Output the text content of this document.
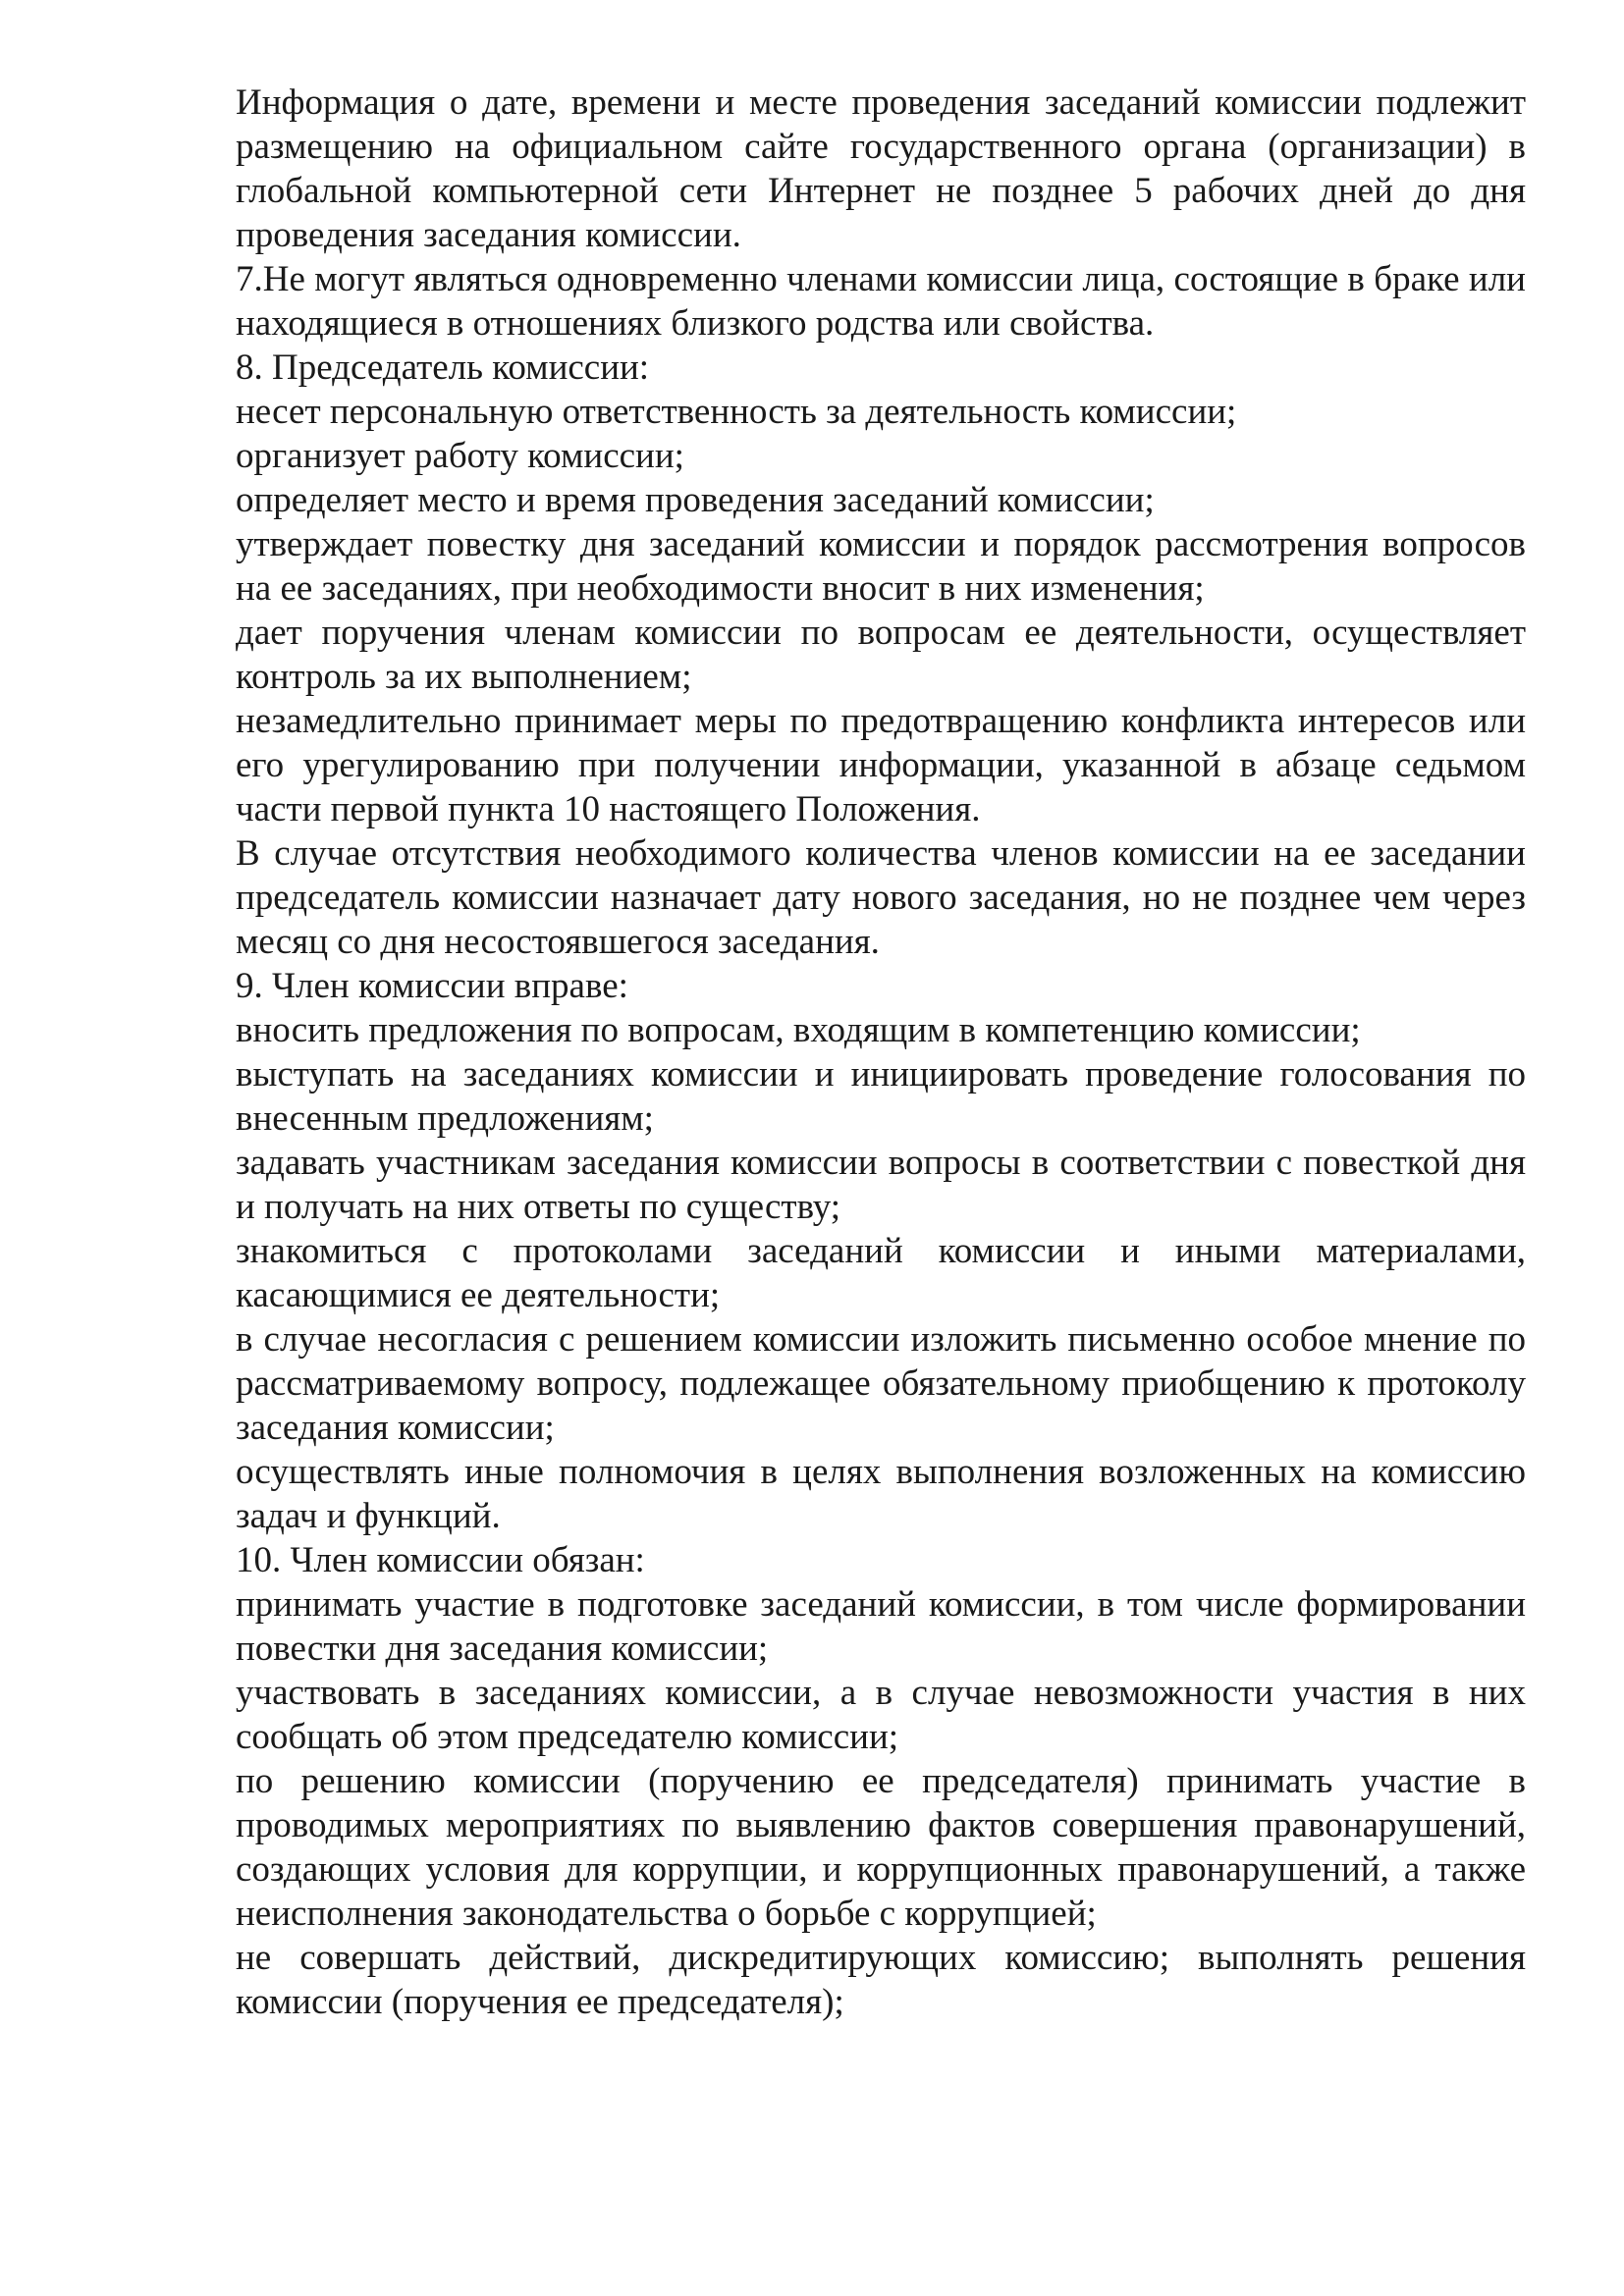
Информация о дате, времени и месте проведения заседаний комиссии подлежит размещению на официальном сайте государственного органа (организации) в глобальной компьютерной сети Интернет не позднее 5 рабочих дней до дня проведения заседания комиссии.

7.Не могут являться одновременно членами комиссии лица, состоящие в браке или находящиеся в отношениях близкого родства или свойства.

8. Председатель комиссии:

несет персональную ответственность за деятельность комиссии;

организует работу комиссии;

определяет место и время проведения заседаний комиссии;

утверждает повестку дня заседаний комиссии и порядок рассмотрения вопросов на ее заседаниях, при необходимости вносит в них изменения;

дает поручения членам комиссии по вопросам ее деятельности, осуществляет контроль за их выполнением;

незамедлительно принимает меры по предотвращению конфликта интересов или его урегулированию при получении информации, указанной в абзаце седьмом части первой пункта 10 настоящего Положения.

В случае отсутствия необходимого количества членов комиссии на ее заседании председатель комиссии назначает дату нового заседания, но не позднее чем через месяц со дня несостоявшегося заседания.

9. Член комиссии вправе:

вносить предложения по вопросам, входящим в компетенцию комиссии;

выступать на заседаниях комиссии и инициировать проведение голосования по внесенным предложениям;

задавать участникам заседания комиссии вопросы в соответствии с повесткой дня и получать на них ответы по существу;

знакомиться с протоколами заседаний комиссии и иными материалами, касающимися ее деятельности;

в случае несогласия с решением комиссии изложить письменно особое мнение по рассматриваемому вопросу, подлежащее обязательному приобщению к протоколу заседания комиссии;

осуществлять иные полномочия в целях выполнения возложенных на комиссию задач и функций.

10. Член комиссии обязан:

принимать участие в подготовке заседаний комиссии, в том числе формировании повестки дня заседания комиссии;

участвовать в заседаниях комиссии, а в случае невозможности участия в них сообщать об этом председателю комиссии;

по решению комиссии (поручению ее председателя) принимать участие в проводимых мероприятиях по выявлению фактов совершения правонарушений, создающих условия для коррупции, и коррупционных правонарушений, а также неисполнения законодательства о борьбе с коррупцией;

не совершать действий, дискредитирующих комиссию; выполнять решения комиссии (поручения ее председателя);
